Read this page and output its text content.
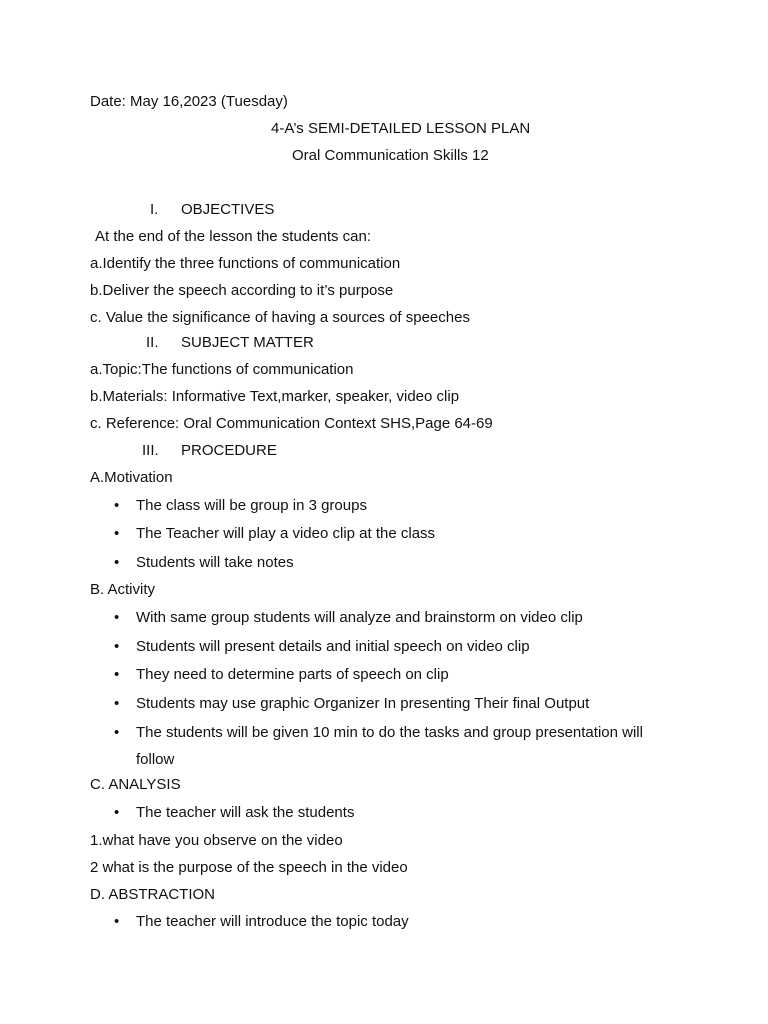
Date: May 16,2023 (Tuesday)
4-A’s SEMI-DETAILED LESSON PLAN
Oral Communication Skills 12
I. OBJECTIVES
At the end of the lesson the students can:
a.Identify the three functions of communication
b.Deliver the speech according to it’s purpose
c. Value the significance of having a sources of speeches
II. SUBJECT MATTER
a.Topic:The functions of communication
b.Materials: Informative Text,marker, speaker, video clip
c. Reference: Oral Communication Context SHS,Page 64-69
III. PROCEDURE
A.Motivation
• The class will be group in 3 groups
• The Teacher will play a video clip at the class
• Students will take notes
B. Activity
• With same group students will analyze and brainstorm on video clip
• Students will present details and initial speech on video clip
• They need to determine parts of speech on clip
• Students may use graphic Organizer In presenting Their final Output
• The students will be given 10 min to do the tasks and group presentation will
follow
C. ANALYSIS
• The teacher will ask the students
1.what have you observe on the video
2 what is the purpose of the speech in the video
D. ABSTRACTION
• The teacher will introduce the topic today
